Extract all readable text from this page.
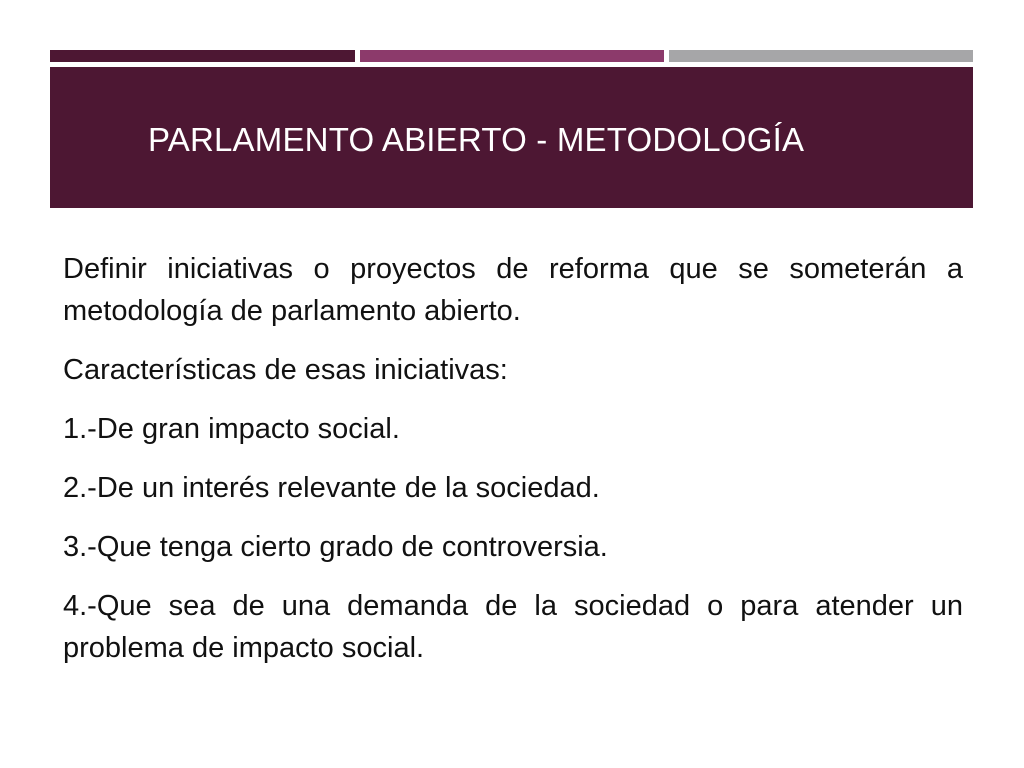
PARLAMENTO ABIERTO - METODOLOGÍA

Definir iniciativas o proyectos de reforma que se someterán a metodología de parlamento abierto.

Características de esas iniciativas:

1.-De gran impacto social.

2.-De un interés relevante de la sociedad.

3.-Que tenga cierto grado de controversia.

4.-Que sea de una demanda de la sociedad o para atender un problema de impacto social.
